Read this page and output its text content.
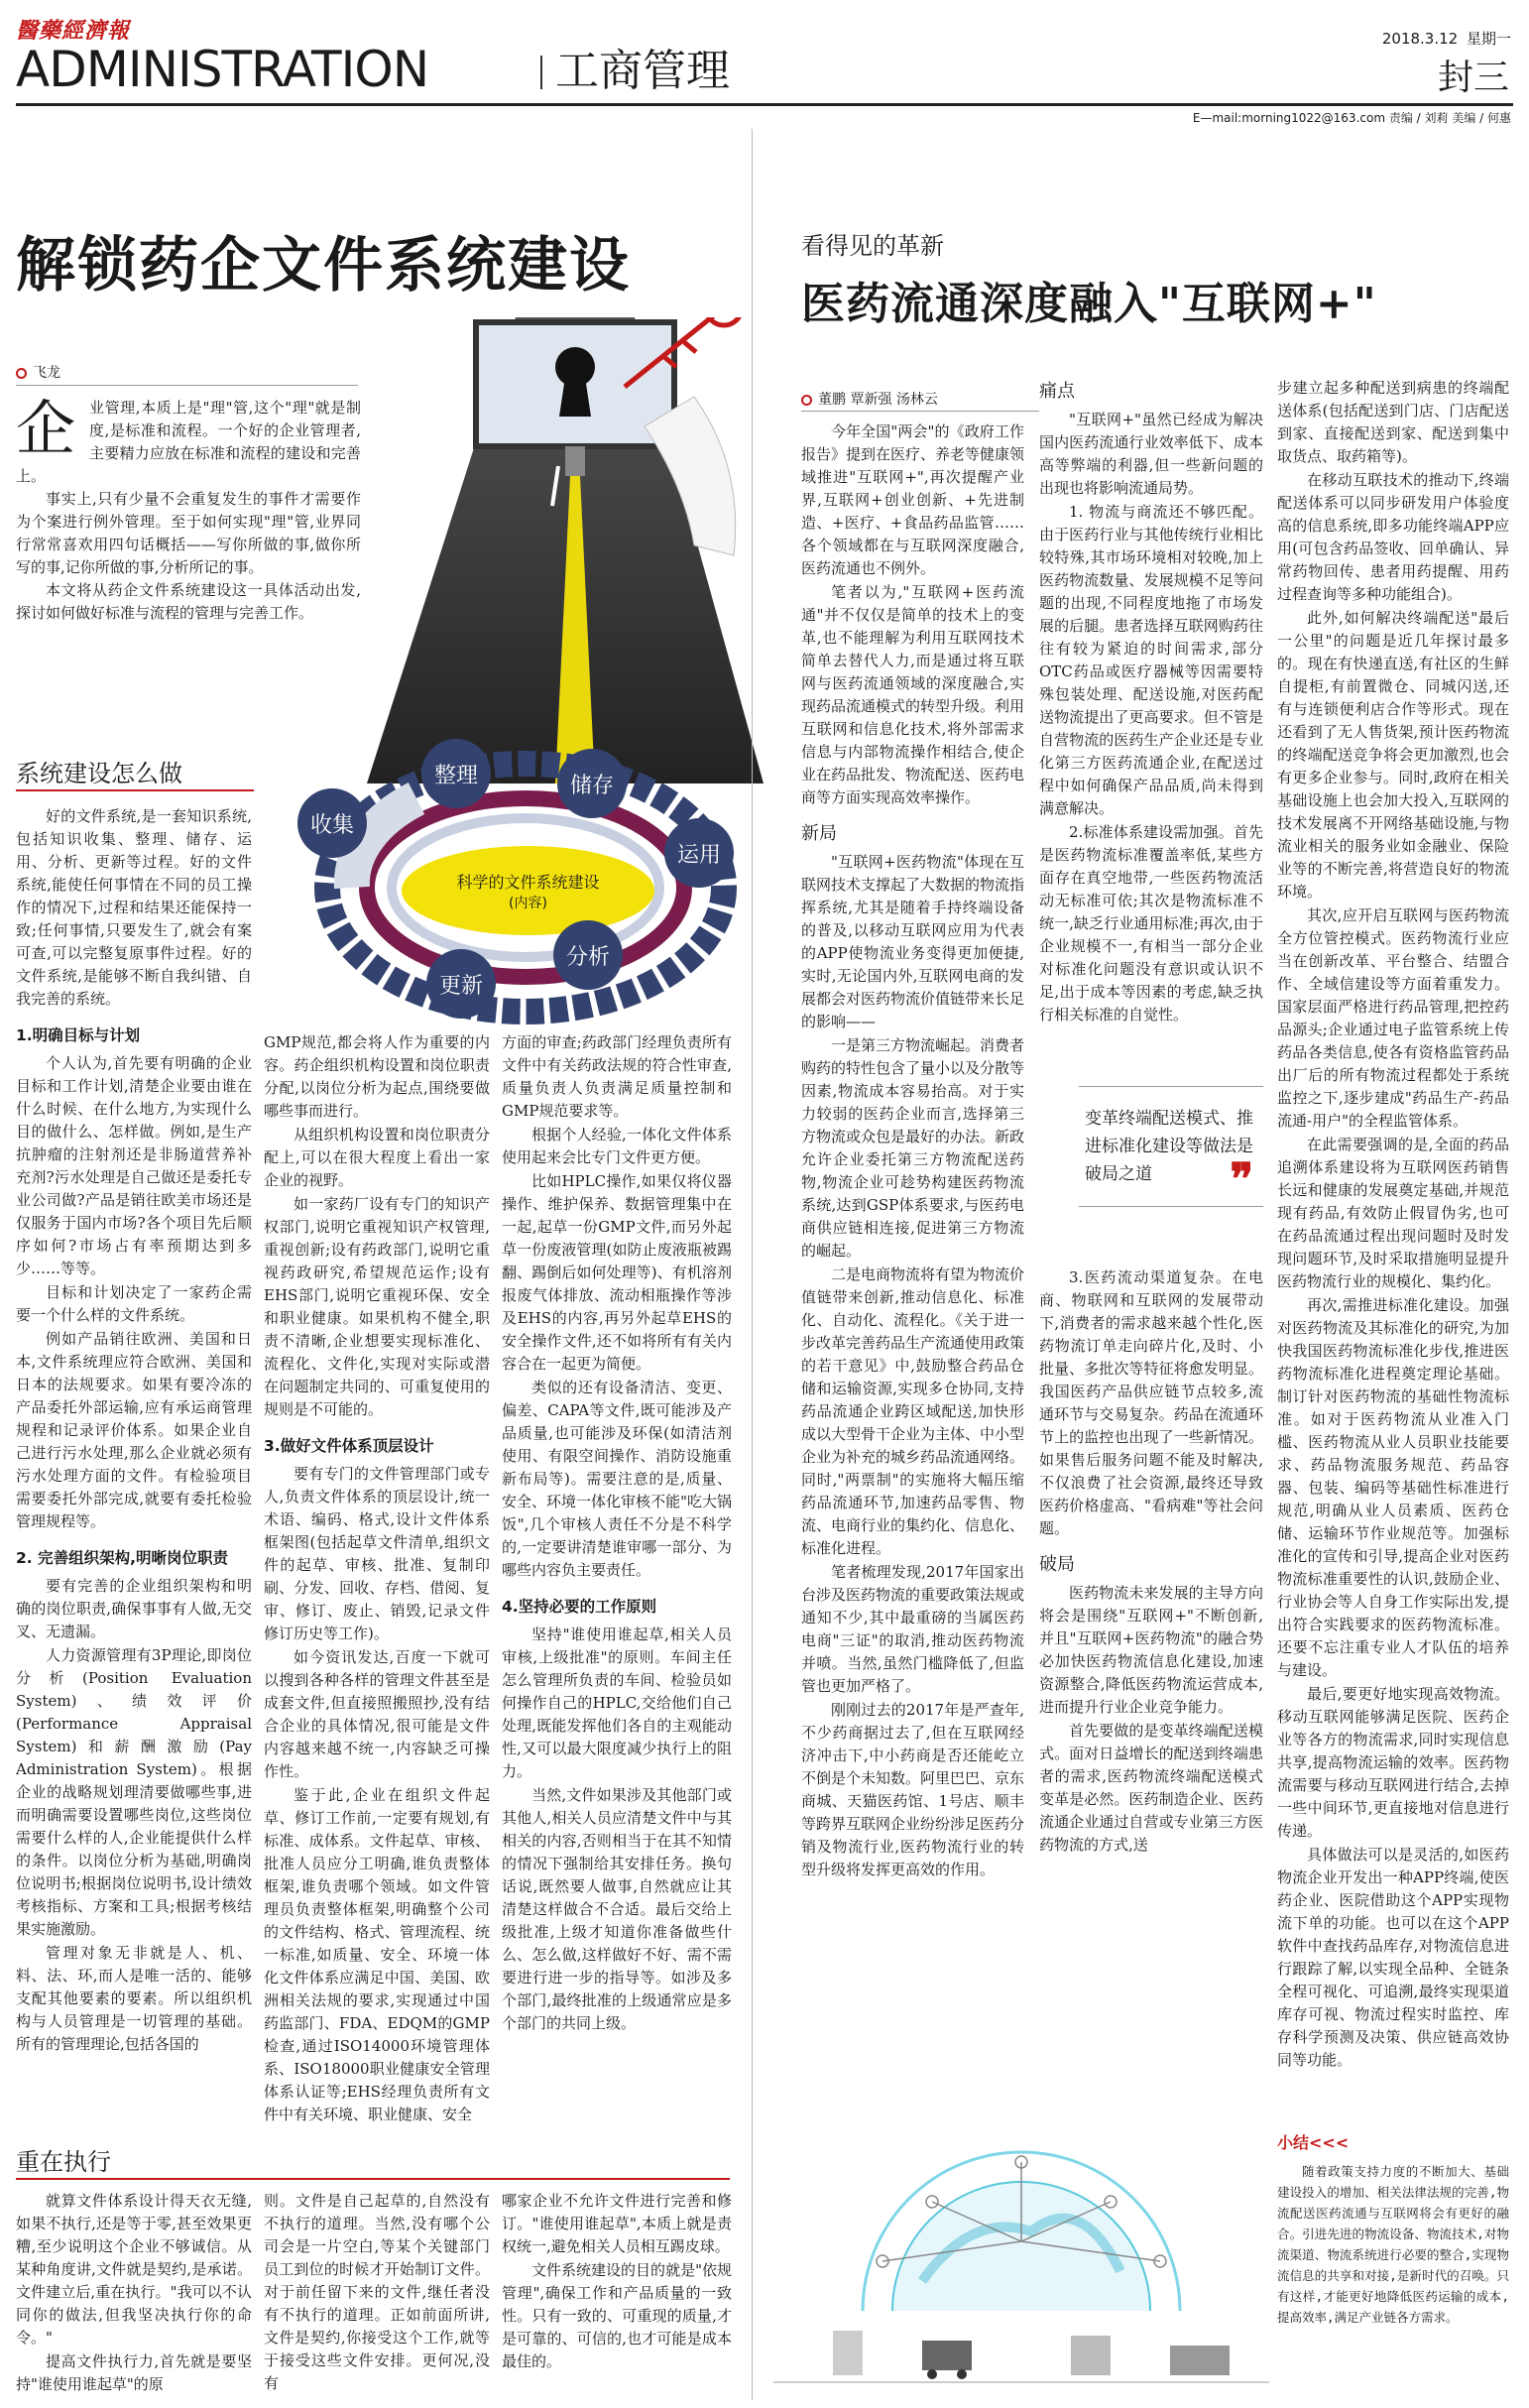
醫藥經濟報	2018.3.12 星期一
ADMINISTRATION	工商管理	封三
E—mail:morning1022@163.com 责编 / 刘莉 美编 / 何惠
解锁药企文件系统建设
飞龙
企 业管理,本质上是"理"管,这个"理"就是制度,是标准和流程。一个好的企业管理者,主要精力应放在标准和流程的建设和完善上。

事实上,只有少量不会重复发生的事件才需要作为个案进行例外管理。至于如何实现"理"管,业界同行常常喜欢用四句话概括——写你所做的事,做你所写的事,记你所做的事,分析所记的事。

本文将从药企文件系统建设这一具体活动出发,探讨如何做好标准与流程的管理与完善工作。

系统建设怎么做
科学的文件系统建设
(内容)
收集
整理	储存
运用
分析
更新

好的文件系统,是一套知识系统,包括知识收集、整理、储存、运用、分析、更新等过程。好的文件系统,能使任何事情在不同的员工操作的情况下,过程和结果还能保持一致;任何事情,只要发生了,就会有案可查,可以完整复原事件过程。好的文件系统,是能够不断自我纠错、自我完善的系统。

1.明确目标与计划

个人认为,首先要有明确的企业目标和工作计划,清楚企业要由谁在什么时候、在什么地方,为实现什么目的做什么、怎样做。例如,是生产抗肿瘤的注射剂还是非肠道营养补充剂?污水处理是自己做还是委托专业公司做?产品是销往欧美市场还是仅服务于国内市场?各个项目先后顺序如何?市场占有率预期达到多少……等等。

目标和计划决定了一家药企需要一个什么样的文件系统。

例如产品销往欧洲、美国和日本,文件系统理应符合欧洲、美国和日本的法规要求。如果有要冷冻的产品委托外部运输,应有承运商管理规程和记录评价体系。如果企业自己进行污水处理,那么企业就必须有污水处理方面的文件。有检验项目需要委托外部完成,就要有委托检验管理规程等。

2. 完善组织架构,明晰岗位职责

要有完善的企业组织架构和明确的岗位职责,确保事事有人做,无交叉、无遗漏。

人力资源管理有3P理论,即岗位分析(Position Evaluation System)、绩效评价(Performance Appraisal System)和薪酬激励(Pay Administration System)。根据企业的战略规划理清要做哪些事,进而明确需要设置哪些岗位,这些岗位需要什么样的人,企业能提供什么样的条件。以岗位分析为基础,明确岗位说明书;根据岗位说明书,设计绩效考核指标、方案和工具;根据考核结果实施激励。

管理对象无非就是人、机、料、法、环,而人是唯一活的、能够支配其他要素的要素。所以组织机构与人员管理是一切管理的基础。所有的管理理论,包括各国的

GMP规范,都会将人作为重要的内容。药企组织机构设置和岗位职责分配,以岗位分析为起点,围绕要做哪些事而进行。

从组织机构设置和岗位职责分配上,可以在很大程度上看出一家企业的视野。

如一家药厂设有专门的知识产权部门,说明它重视知识产权管理,重视创新;设有药政部门,说明它重视药政研究,希望规范运作;设有EHS部门,说明它重视环保、安全和职业健康。如果机构不健全,职责不清晰,企业想要实现标准化、流程化、文件化,实现对实际或潜在问题制定共同的、可重复使用的规则是不可能的。

3.做好文件体系顶层设计

要有专门的文件管理部门或专人,负责文件体系的顶层设计,统一术语、编码、格式,设计文件体系框架图(包括起草文件清单,组织文件的起草、审核、批准、复制印刷、分发、回收、存档、借阅、复审、修订、废止、销毁,记录文件修订历史等工作)。

如今资讯发达,百度一下就可以搜到各种各样的管理文件甚至是成套文件,但直接照搬照抄,没有结合企业的具体情况,很可能是文件内容越来越不统一,内容缺乏可操作性。

鉴于此,企业在组织文件起草、修订工作前,一定要有规划,有标准、成体系。文件起草、审核、批准人员应分工明确,谁负责整体框架,谁负责哪个领域。如文件管理员负责整体框架,明确整个公司的文件结构、格式、管理流程、统一标准,如质量、安全、环境一体化文件体系应满足中国、美国、欧洲相关法规的要求,实现通过中国药监部门、FDA、EDQM的GMP检查,通过ISO14000环境管理体系、ISO18000职业健康安全管理体系认证等;EHS经理负责所有文件中有关环境、职业健康、安全

方面的审查;药政部门经理负责所有文件中有关药政法规的符合性审查,质量负责人负责满足质量控制和GMP规范要求等。

根据个人经验,一体化文件体系使用起来会比专门文件更方便。

比如HPLC操作,如果仅将仪器操作、维护保养、数据管理集中在一起,起草一份GMP文件,而另外起草一份废液管理(如防止废液瓶被踢翻、踢倒后如何处理等)、有机溶剂报废气体排放、流动相瓶操作等涉及EHS的内容,再另外起草EHS的安全操作文件,还不如将所有有关内容合在一起更为简便。

类似的还有设备清洁、变更、偏差、CAPA等文件,既可能涉及产品质量,也可能涉及环保(如清洁剂使用、有限空间操作、消防设施重新布局等)。需要注意的是,质量、安全、环境一体化审核不能"吃大锅饭",几个审核人责任不分是不科学的,一定要讲清楚谁审哪一部分、为哪些内容负主要责任。

4.坚持必要的工作原则

坚持"谁使用谁起草,相关人员审核,上级批准"的原则。车间主任怎么管理所负责的车间、检验员如何操作自己的HPLC,交给他们自己处理,既能发挥他们各自的主观能动性,又可以最大限度减少执行上的阻力。

当然,文件如果涉及其他部门或其他人,相关人员应清楚文件中与其相关的内容,否则相当于在其不知情的情况下强制给其安排任务。换句话说,既然要人做事,自然就应让其清楚这样做合不合适。最后交给上级批准,上级才知道你准备做些什么、怎么做,这样做好不好、需不需要进行进一步的指导等。如涉及多个部门,最终批准的上级通常应是多个部门的共同上级。

重在执行

就算文件体系设计得天衣无缝,如果不执行,还是等于零,甚至效果更糟,至少说明这个企业不够诚信。从某种角度讲,文件就是契约,是承诺。文件建立后,重在执行。"我可以不认同你的做法,但我坚决执行你的命令。"

提高文件执行力,首先就是要坚持"谁使用谁起草"的原

则。文件是自己起草的,自然没有不执行的道理。当然,没有哪个公司会是一片空白,等某个关键部门员工到位的时候才开始制订文件。对于前任留下来的文件,继任者没有不执行的道理。正如前面所讲,文件是契约,你接受这个工作,就等于接受这些文件安排。更何况,没有

哪家企业不允许文件进行完善和修订。"谁使用谁起草",本质上就是责权统一,避免相关人员相互踢皮球。

文件系统建设的目的就是"依规管理",确保工作和产品质量的一致性。只有一致的、可重现的质量,才是可靠的、可信的,也才可能是成本最佳的。

看得见的革新
医药流通深度融入"互联网+"
董鹏 覃新强 汤林云

今年全国"两会"的《政府工作报告》提到在医疗、养老等健康领域推进"互联网+",再次提醒产业界,互联网+创业创新、+先进制造、+医疗、+食品药品监管……各个领域都在与互联网深度融合,医药流通也不例外。

笔者以为,"互联网+医药流通"并不仅仅是简单的技术上的变革,也不能理解为利用互联网技术简单去替代人力,而是通过将互联网与医药流通领域的深度融合,实现药品流通模式的转型升级。利用互联网和信息化技术,将外部需求信息与内部物流操作相结合,使企业在药品批发、物流配送、医药电商等方面实现高效率操作。

新局

"互联网+医药物流"体现在互联网技术支撑起了大数据的物流指挥系统,尤其是随着手持终端设备的普及,以移动互联网应用为代表的APP使物流业务变得更加便捷,实时,无论国内外,互联网电商的发展都会对医药物流价值链带来长足的影响——

一是第三方物流崛起。消费者购药的特性包含了量小以及分散等因素,物流成本容易抬高。对于实力较弱的医药企业而言,选择第三方物流或众包是最好的办法。新政允许企业委托第三方物流配送药物,物流企业可趁势构建医药物流系统,达到GSP体系要求,与医药电商供应链相连接,促进第三方物流的崛起。

二是电商物流将有望为物流价值链带来创新,推动信息化、标准化、自动化、流程化。《关于进一步改革完善药品生产流通使用政策的若干意见》中,鼓励整合药品仓储和运输资源,实现多仓协同,支持药品流通企业跨区域配送,加快形成以大型骨干企业为主体、中小型企业为补充的城乡药品流通网络。同时,"两票制"的实施将大幅压缩药品流通环节,加速药品零售、物流、电商行业的集约化、信息化、标准化进程。

笔者梳理发现,2017年国家出台涉及医药物流的重要政策法规或通知不少,其中最重磅的当属医药电商"三证"的取消,推动医药物流并喷。当然,虽然门槛降低了,但监管也更加严格了。

刚刚过去的2017年是严查年,不少药商据过去了,但在互联网经济冲击下,中小药商是否还能屹立不倒是个未知数。阿里巴巴、京东商城、天猫医药馆、1号店、顺丰等跨界互联网企业纷纷涉足医药分销及物流行业,医药物流行业的转型升级将发挥更高效的作用。

痛点

"互联网+"虽然已经成为解决国内医药流通行业效率低下、成本高等弊端的利器,但一些新问题的出现也将影响流通局势。

1. 物流与商流还不够匹配。由于医药行业与其他传统行业相比较特殊,其市场环境相对较晚,加上医药物流数量、发展规模不足等问题的出现,不同程度地拖了市场发展的后腿。患者选择互联网购药往往有较为紧迫的时间需求,部分OTC药品或医疗器械等因需要特殊包装处理、配送设施,对医药配送物流提出了更高要求。但不管是自营物流的医药生产企业还是专业化第三方医药流通企业,在配送过程中如何确保产品品质,尚未得到满意解决。

2.标准体系建设需加强。首先是医药物流标准覆盖率低,某些方面存在真空地带,一些医药物流活动无标准可依;其次是物流标准不统一,缺乏行业通用标准;再次,由于企业规模不一,有相当一部分企业对标准化问题没有意识或认识不足,出于成本等因素的考虑,缺乏执行相关标准的自觉性。

变革终端配送模式、推进标准化建设等做法是破局之道	❞

3.医药流动渠道复杂。在电商、物联网和互联网的发展带动下,消费者的需求越来越个性化,医药物流订单走向碎片化,及时、小批量、多批次等特征将愈发明显。我国医药产品供应链节点较多,流通环节与交易复杂。药品在流通环节上的监控也出现了一些新情况。如果售后服务问题不能及时解决,不仅浪费了社会资源,最终还导致医药价格虚高、"看病难"等社会问题。

破局

医药物流未来发展的主导方向将会是围绕"互联网+"不断创新,并且"互联网+医药物流"的融合势必加快医药物流信息化建设,加速资源整合,降低医药物流运营成本,进而提升行业企业竞争能力。

首先要做的是变革终端配送模式。面对日益增长的配送到终端患者的需求,医药物流终端配送模式变革是必然。医药制造企业、医药流通企业通过自营或专业第三方医药物流的方式,送

步建立起多种配送到病患的终端配送体系(包括配送到门店、门店配送到家、直接配送到家、配送到集中取货点、取药箱等)。

在移动互联技术的推动下,终端配送体系可以同步研发用户体验度高的信息系统,即多功能终端APP应用(可包含药品签收、回单确认、异常药物回传、患者用药提醒、用药过程查询等多种功能组合)。

此外,如何解决终端配送"最后一公里"的问题是近几年探讨最多的。现在有快递直送,有社区的生鲜自提柜,有前置微仓、同城闪送,还有与连锁便利店合作等形式。现在还看到了无人售货架,预计医药物流的终端配送竞争将会更加激烈,也会有更多企业参与。同时,政府在相关基础设施上也会加大投入,互联网的技术发展离不开网络基础设施,与物流业相关的服务业如金融业、保险业等的不断完善,将营造良好的物流环境。

其次,应开启互联网与医药物流全方位管控模式。医药物流行业应当在创新改革、平台整合、结盟合作、全域信建设等方面着重发力。国家层面严格进行药品管理,把控药品源头;企业通过电子监管系统上传药品各类信息,使各有资格监管药品出厂后的所有物流过程都处于系统监控之下,逐步建成"药品生产-药品流通-用户"的全程监管体系。

在此需要强调的是,全面的药品追溯体系建设将为互联网医药销售长远和健康的发展奠定基础,并规范现有药品,有效防止假冒伪劣,也可在药品流通过程出现问题时及时发现问题环节,及时采取措施明显提升医药物流行业的规模化、集约化。

再次,需推进标准化建设。加强对医药物流及其标准化的研究,为加快我国医药物流标准化步伐,推进医药物流标准化进程奠定理论基础。制订针对医药物流的基础性物流标准。如对于医药物流从业准入门槛、医药物流从业人员职业技能要求、药品物流服务规范、药品容器、包装、编码等基础性标准进行规范,明确从业人员素质、医药仓储、运输环节作业规范等。加强标准化的宣传和引导,提高企业对医药物流标准重要性的认识,鼓励企业、行业协会等人自身工作实际出发,提出符合实践要求的医药物流标准。还要不忘注重专业人才队伍的培养与建设。

最后,要更好地实现高效物流。移动互联网能够满足医院、医药企业等各方的物流需求,同时实现信息共享,提高物流运输的效率。医药物流需要与移动互联网进行结合,去掉一些中间环节,更直接地对信息进行传递。

具体做法可以是灵活的,如医药物流企业开发出一种APP终端,使医药企业、医院借助这个APP实现物流下单的功能。也可以在这个APP软件中查找药品库存,对物流信息进行跟踪了解,以实现全品种、全链条全程可视化、可追溯,最终实现渠道库存可视、物流过程实时监控、库存科学预测及决策、供应链高效协同等功能。

小结<<<
随着政策支持力度的不断加大、基础建设投入的增加、相关法律法规的完善,物流配送医药流通与互联网将会有更好的融合。引进先进的物流设备、物流技术,对物流渠道、物流系统进行必要的整合,实现物流信息的共享和对接,是新时代的召唤。只有这样,才能更好地降低医药运输的成本,提高效率,满足产业链各方需求。
